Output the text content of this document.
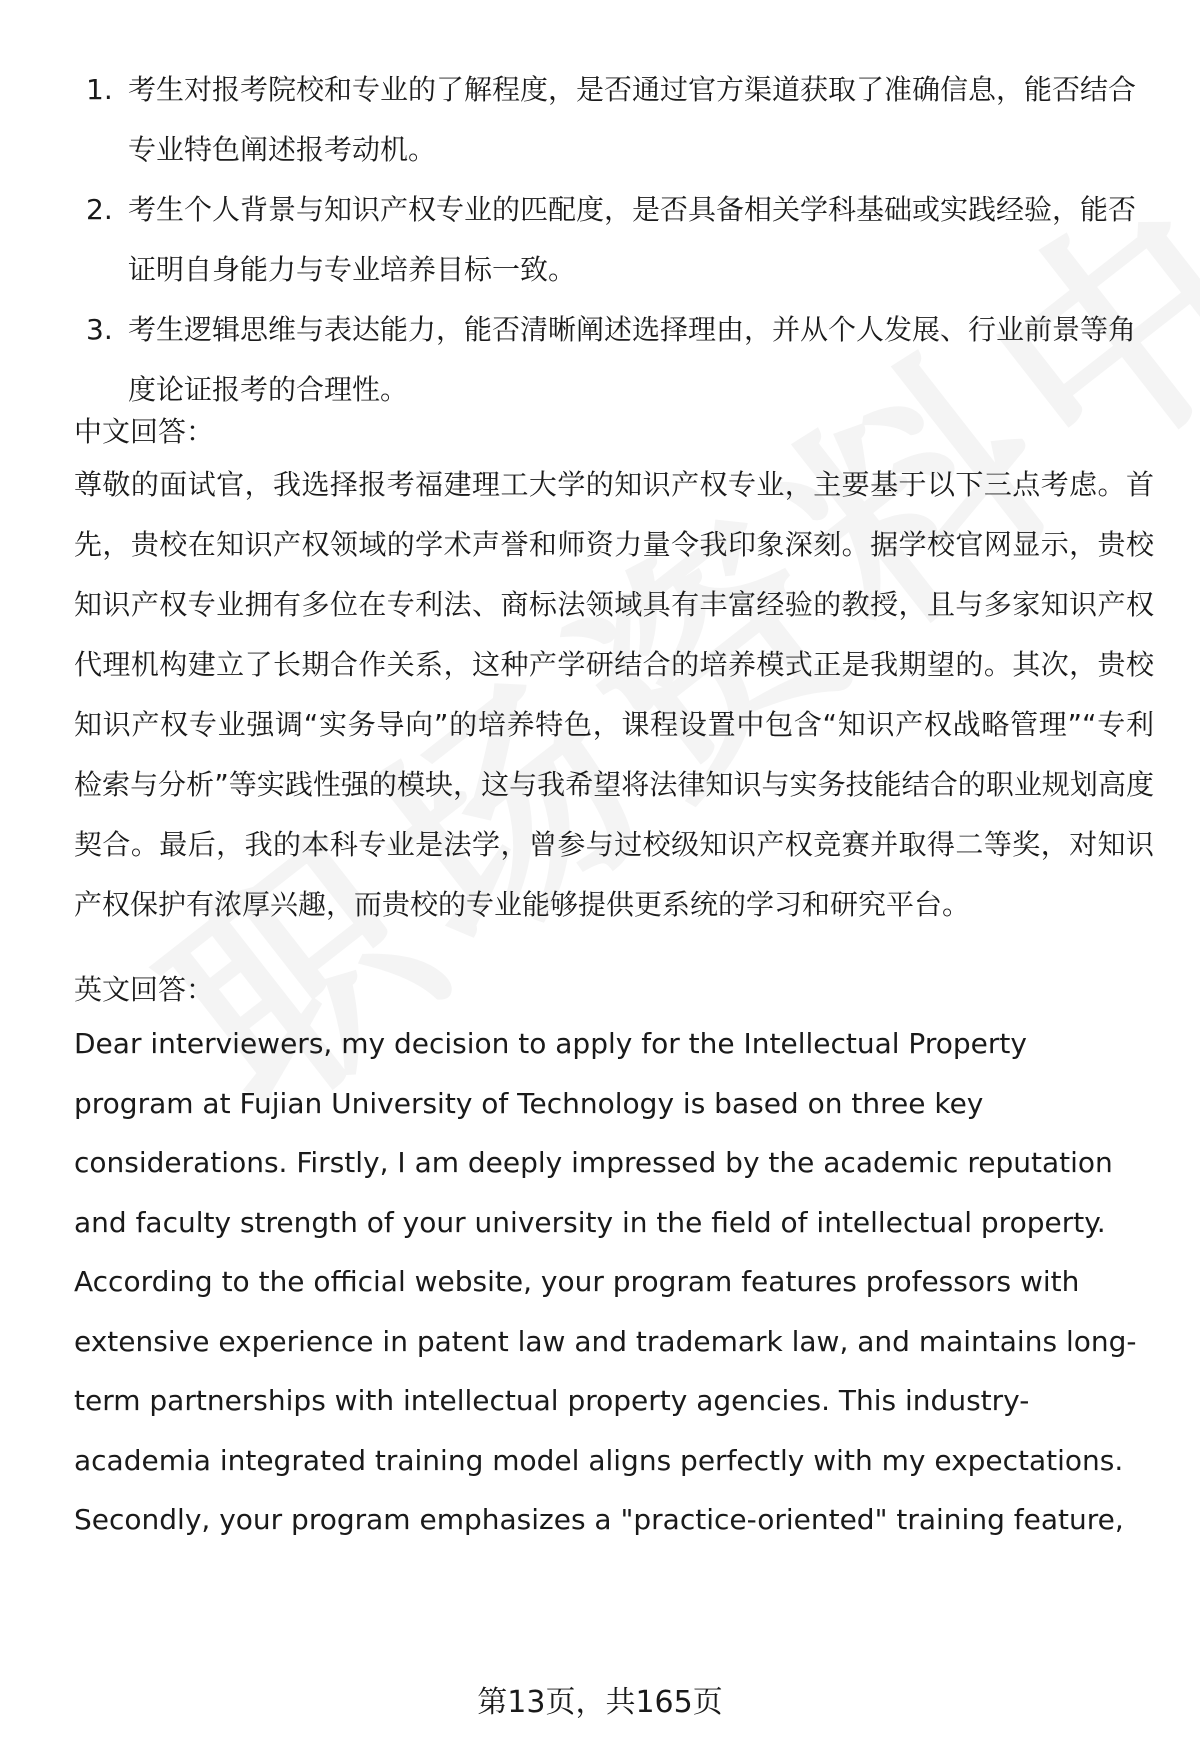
1. 考生对报考院校和专业的了解程度，是否通过官方渠道获取了准确信息，能否结合专业特色阐述报考动机。
2. 考生个人背景与知识产权专业的匹配度，是否具备相关学科基础或实践经验，能否证明自身能力与专业培养目标一致。
3. 考生逻辑思维与表达能力，能否清晰阐述选择理由，并从个人发展、行业前景等角度论证报考的合理性。

中文回答：

尊敬的面试官，我选择报考福建理工大学的知识产权专业，主要基于以下三点考虑。首先，贵校在知识产权领域的学术声誉和师资力量令我印象深刻。据学校官网显示，贵校知识产权专业拥有多位在专利法、商标法领域具有丰富经验的教授，且与多家知识产权代理机构建立了长期合作关系，这种产学研结合的培养模式正是我期望的。其次，贵校知识产权专业强调“实务导向”的培养特色，课程设置中包含“知识产权战略管理”“专利检索与分析”等实践性强的模块，这与我希望将法律知识与实务技能结合的职业规划高度契合。最后，我的本科专业是法学，曾参与过校级知识产权竞赛并取得二等奖，对知识产权保护有浓厚兴趣，而贵校的专业能够提供更系统的学习和研究平台。

英文回答：

Dear interviewers, my decision to apply for the Intellectual Property program at Fujian University of Technology is based on three key considerations. Firstly, I am deeply impressed by the academic reputation and faculty strength of your university in the field of intellectual property. According to the official website, your program features professors with extensive experience in patent law and trademark law, and maintains long-term partnerships with intellectual property agencies. This industry-academia integrated training model aligns perfectly with my expectations. Secondly, your program emphasizes a "practice-oriented" training feature,

第13页，共165页
